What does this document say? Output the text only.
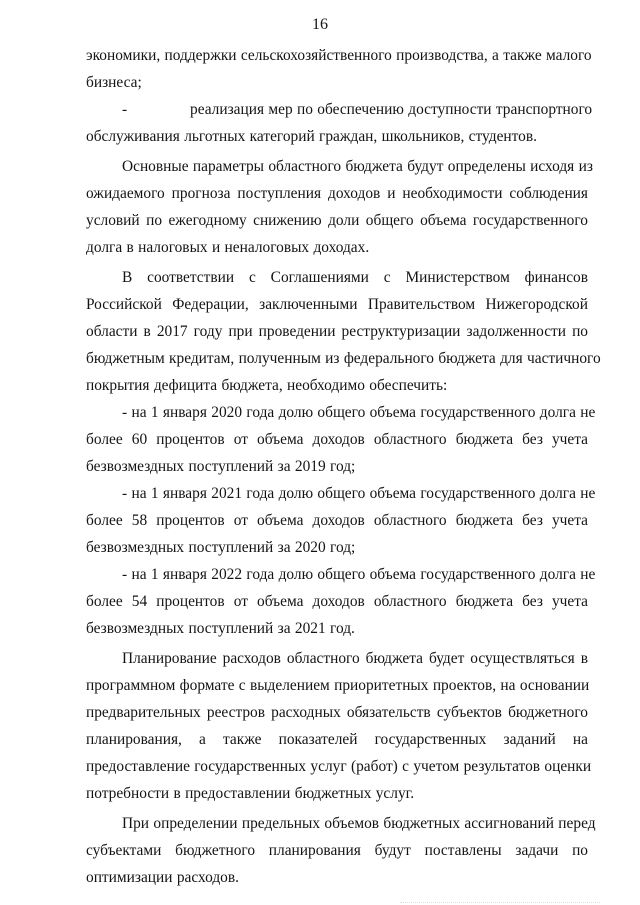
16

экономики, поддержки сельскохозяйственного производства, а также малого
бизнеса;

-	реализация мер по обеспечению доступности транспортного

обслуживания льготных категорий граждан, школьников, студентов.

Основные параметры областного бюджета будут определены исходя из
ожидаемого прогноза поступления доходов и необходимости соблюдения
условий по ежегодному снижению доли общего объема государственного
долга в налоговых и неналоговых доходах.

В соответствии с Соглашениями с Министерством финансов
Российской Федерации, заключенными Правительством Нижегородской
области в 2017 году при проведении реструктуризации задолженности по
бюджетным кредитам, полученным из федерального бюджета для частичного
покрытия дефицита бюджета, необходимо обеспечить:

- на 1 января 2020 года долю общего объема государственного долга не
более 60 процентов от объема доходов областного бюджета без учета
безвозмездных поступлений за 2019 год;

- на 1 января 2021 года долю общего объема государственного долга не
более 58 процентов от объема доходов областного бюджета без учета
безвозмездных поступлений за 2020 год;

- на 1 января 2022 года долю общего объема государственного долга не
более 54 процентов от объема доходов областного бюджета без учета
безвозмездных поступлений за 2021 год.

Планирование расходов областного бюджета будет осуществляться в
программном формате с выделением приоритетных проектов, на основании
предварительных реестров расходных обязательств субъектов бюджетного
планирования, а также показателей государственных заданий на
предоставление государственных услуг (работ) с учетом результатов оценки
потребности в предоставлении бюджетных услуг.

При определении предельных объемов бюджетных ассигнований перед
субъектами бюджетного планирования будут поставлены задачи по
оптимизации расходов.
